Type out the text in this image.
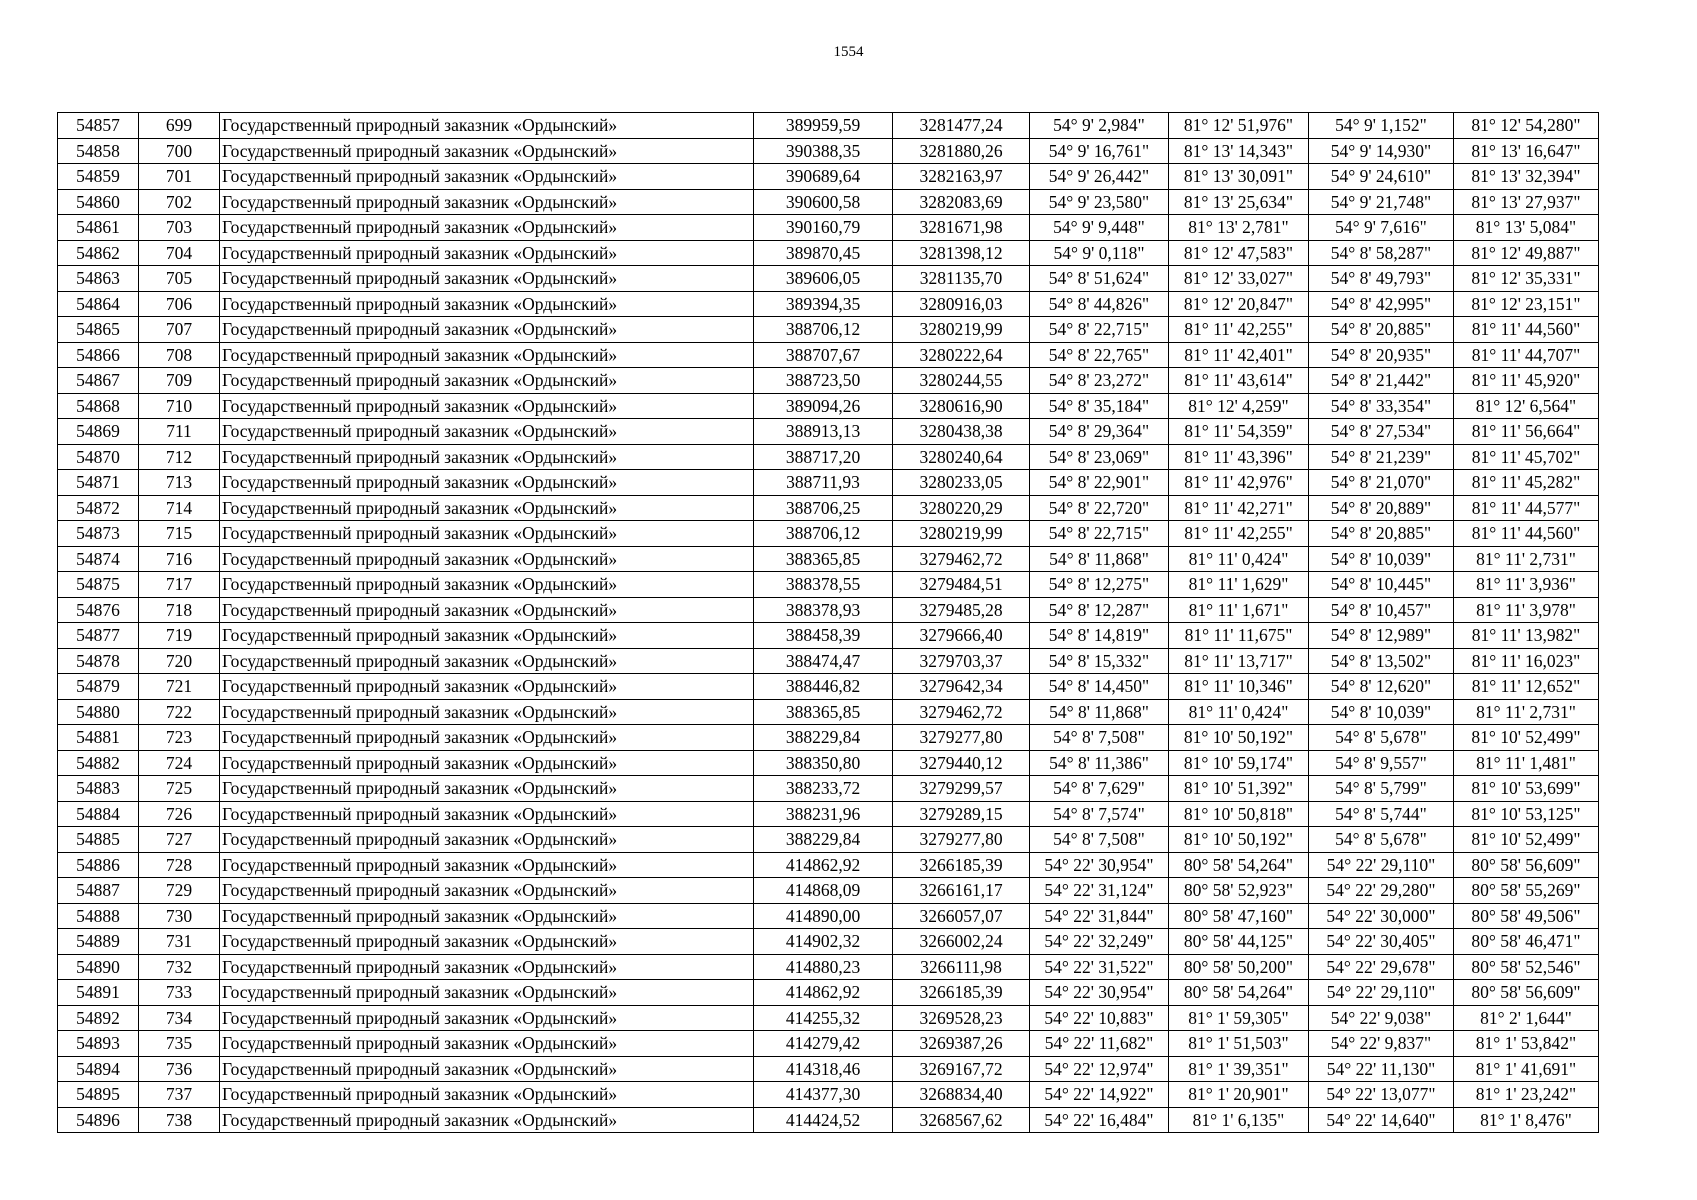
1554
54857	699	Государственный природный заказник «Ордынский»	389959,59	3281477,24	54° 9' 2,984"	81° 12' 51,976"	54° 9' 1,152"	81° 12' 54,280"
54858	700	Государственный природный заказник «Ордынский»	390388,35	3281880,26	54° 9' 16,761"	81° 13' 14,343"	54° 9' 14,930"	81° 13' 16,647"
54859	701	Государственный природный заказник «Ордынский»	390689,64	3282163,97	54° 9' 26,442"	81° 13' 30,091"	54° 9' 24,610"	81° 13' 32,394"
54860	702	Государственный природный заказник «Ордынский»	390600,58	3282083,69	54° 9' 23,580"	81° 13' 25,634"	54° 9' 21,748"	81° 13' 27,937"
54861	703	Государственный природный заказник «Ордынский»	390160,79	3281671,98	54° 9' 9,448"	81° 13' 2,781"	54° 9' 7,616"	81° 13' 5,084"
54862	704	Государственный природный заказник «Ордынский»	389870,45	3281398,12	54° 9' 0,118"	81° 12' 47,583"	54° 8' 58,287"	81° 12' 49,887"
54863	705	Государственный природный заказник «Ордынский»	389606,05	3281135,70	54° 8' 51,624"	81° 12' 33,027"	54° 8' 49,793"	81° 12' 35,331"
54864	706	Государственный природный заказник «Ордынский»	389394,35	3280916,03	54° 8' 44,826"	81° 12' 20,847"	54° 8' 42,995"	81° 12' 23,151"
54865	707	Государственный природный заказник «Ордынский»	388706,12	3280219,99	54° 8' 22,715"	81° 11' 42,255"	54° 8' 20,885"	81° 11' 44,560"
54866	708	Государственный природный заказник «Ордынский»	388707,67	3280222,64	54° 8' 22,765"	81° 11' 42,401"	54° 8' 20,935"	81° 11' 44,707"
54867	709	Государственный природный заказник «Ордынский»	388723,50	3280244,55	54° 8' 23,272"	81° 11' 43,614"	54° 8' 21,442"	81° 11' 45,920"
54868	710	Государственный природный заказник «Ордынский»	389094,26	3280616,90	54° 8' 35,184"	81° 12' 4,259"	54° 8' 33,354"	81° 12' 6,564"
54869	711	Государственный природный заказник «Ордынский»	388913,13	3280438,38	54° 8' 29,364"	81° 11' 54,359"	54° 8' 27,534"	81° 11' 56,664"
54870	712	Государственный природный заказник «Ордынский»	388717,20	3280240,64	54° 8' 23,069"	81° 11' 43,396"	54° 8' 21,239"	81° 11' 45,702"
54871	713	Государственный природный заказник «Ордынский»	388711,93	3280233,05	54° 8' 22,901"	81° 11' 42,976"	54° 8' 21,070"	81° 11' 45,282"
54872	714	Государственный природный заказник «Ордынский»	388706,25	3280220,29	54° 8' 22,720"	81° 11' 42,271"	54° 8' 20,889"	81° 11' 44,577"
54873	715	Государственный природный заказник «Ордынский»	388706,12	3280219,99	54° 8' 22,715"	81° 11' 42,255"	54° 8' 20,885"	81° 11' 44,560"
54874	716	Государственный природный заказник «Ордынский»	388365,85	3279462,72	54° 8' 11,868"	81° 11' 0,424"	54° 8' 10,039"	81° 11' 2,731"
54875	717	Государственный природный заказник «Ордынский»	388378,55	3279484,51	54° 8' 12,275"	81° 11' 1,629"	54° 8' 10,445"	81° 11' 3,936"
54876	718	Государственный природный заказник «Ордынский»	388378,93	3279485,28	54° 8' 12,287"	81° 11' 1,671"	54° 8' 10,457"	81° 11' 3,978"
54877	719	Государственный природный заказник «Ордынский»	388458,39	3279666,40	54° 8' 14,819"	81° 11' 11,675"	54° 8' 12,989"	81° 11' 13,982"
54878	720	Государственный природный заказник «Ордынский»	388474,47	3279703,37	54° 8' 15,332"	81° 11' 13,717"	54° 8' 13,502"	81° 11' 16,023"
54879	721	Государственный природный заказник «Ордынский»	388446,82	3279642,34	54° 8' 14,450"	81° 11' 10,346"	54° 8' 12,620"	81° 11' 12,652"
54880	722	Государственный природный заказник «Ордынский»	388365,85	3279462,72	54° 8' 11,868"	81° 11' 0,424"	54° 8' 10,039"	81° 11' 2,731"
54881	723	Государственный природный заказник «Ордынский»	388229,84	3279277,80	54° 8' 7,508"	81° 10' 50,192"	54° 8' 5,678"	81° 10' 52,499"
54882	724	Государственный природный заказник «Ордынский»	388350,80	3279440,12	54° 8' 11,386"	81° 10' 59,174"	54° 8' 9,557"	81° 11' 1,481"
54883	725	Государственный природный заказник «Ордынский»	388233,72	3279299,57	54° 8' 7,629"	81° 10' 51,392"	54° 8' 5,799"	81° 10' 53,699"
54884	726	Государственный природный заказник «Ордынский»	388231,96	3279289,15	54° 8' 7,574"	81° 10' 50,818"	54° 8' 5,744"	81° 10' 53,125"
54885	727	Государственный природный заказник «Ордынский»	388229,84	3279277,80	54° 8' 7,508"	81° 10' 50,192"	54° 8' 5,678"	81° 10' 52,499"
54886	728	Государственный природный заказник «Ордынский»	414862,92	3266185,39	54° 22' 30,954"	80° 58' 54,264"	54° 22' 29,110"	80° 58' 56,609"
54887	729	Государственный природный заказник «Ордынский»	414868,09	3266161,17	54° 22' 31,124"	80° 58' 52,923"	54° 22' 29,280"	80° 58' 55,269"
54888	730	Государственный природный заказник «Ордынский»	414890,00	3266057,07	54° 22' 31,844"	80° 58' 47,160"	54° 22' 30,000"	80° 58' 49,506"
54889	731	Государственный природный заказник «Ордынский»	414902,32	3266002,24	54° 22' 32,249"	80° 58' 44,125"	54° 22' 30,405"	80° 58' 46,471"
54890	732	Государственный природный заказник «Ордынский»	414880,23	3266111,98	54° 22' 31,522"	80° 58' 50,200"	54° 22' 29,678"	80° 58' 52,546"
54891	733	Государственный природный заказник «Ордынский»	414862,92	3266185,39	54° 22' 30,954"	80° 58' 54,264"	54° 22' 29,110"	80° 58' 56,609"
54892	734	Государственный природный заказник «Ордынский»	414255,32	3269528,23	54° 22' 10,883"	81° 1' 59,305"	54° 22' 9,038"	81° 2' 1,644"
54893	735	Государственный природный заказник «Ордынский»	414279,42	3269387,26	54° 22' 11,682"	81° 1' 51,503"	54° 22' 9,837"	81° 1' 53,842"
54894	736	Государственный природный заказник «Ордынский»	414318,46	3269167,72	54° 22' 12,974"	81° 1' 39,351"	54° 22' 11,130"	81° 1' 41,691"
54895	737	Государственный природный заказник «Ордынский»	414377,30	3268834,40	54° 22' 14,922"	81° 1' 20,901"	54° 22' 13,077"	81° 1' 23,242"
54896	738	Государственный природный заказник «Ордынский»	414424,52	3268567,62	54° 22' 16,484"	81° 1' 6,135"	54° 22' 14,640"	81° 1' 8,476"
